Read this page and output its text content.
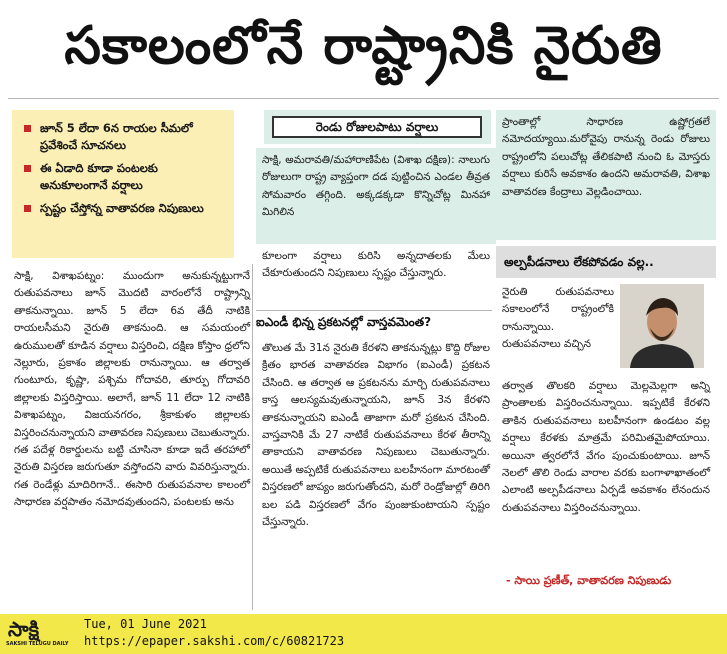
సకాలంలోనే రాష్ట్రానికి నైరుతి
జూన్ 5 లేదా 6న రాయల సీమలో ప్రవేశించే సూచనలు
ఈ ఏడాది కూడా పంటలకు అనుకూలంగానే వర్షాలు
స్పష్టం చేస్తోన్న వాతావరణ నిపుణులు
రెండు రోజులపాటు వర్షాలు
సాక్షి, అమరావతి/మహారాణిపేట (విశాఖ దక్షిణ): నాలుగు రోజులుగా రాష్ట్ర వ్యాప్తంగా దడ పుట్టించిన ఎండల తీవ్రత సోమవారం తగ్గింది. అక్కడక్కడా కొన్నిచోట్ల మినహా మిగిలిన
కూలంగా వర్షాలు కురిసి అన్నదాతలకు మేలు చేకూరుతుందని నిపుణులు స్పష్టం చేస్తున్నారు.
ప్రాంతాల్లో సాధారణ ఉష్ణోగ్రతలే నమోదయ్యాయి.మరోవైపు రానున్న రెండు రోజులు రాష్ట్రంలోని పలుచోట్ల తేలికపాటి నుంచి ఓ మోస్తరు వర్షాలు కురిసే అవకాశం ఉందని అమరావతి, విశాఖ వాతావరణ కేంద్రాలు వెల్లడించాయి.
సాక్షి, విశాఖపట్నం: ముందుగా అనుకున్నట్టుగానే రుతుపవనాలు జూన్ మొదటి వారంలోనే రాష్ట్రాన్ని తాకనున్నాయి. జూన్ 5 లేదా 6వ తేదీ నాటికి రాయలసీమని నైరుతి తాకనుంది. ఆ సమయంలో ఉరుములతో కూడిన వర్షాలు విస్తరించి, దక్షిణ కోస్తాం ధ్రలోని నెల్లూరు, ప్రకాశం జిల్లాలకు రానున్నాయి. ఆ తర్వాత గుంటూరు, కృష్ణా, పశ్చిమ గోదావరి, తూర్పు గోదావరి జిల్లాలకు విస్తరిస్తాయి. అలాగే, జూన్ 11 లేదా 12 నాటికి విశాఖపట్నం, విజయనగరం, శ్రీకాకుళం జిల్లాలకు విస్తరించనున్నాయని వాతావరణ నిపుణులు చెబుతున్నారు. గత పదేళ్ల రికార్డులను బట్టి చూసినా కూడా ఇదే తరహాలో నైరుతి విస్తరణ జరుగుతూ వస్తోందని వారు వివరిస్తున్నారు. గత రెండేళ్లు మాదిరిగానే.. ఈసారి రుతుపవనాల కాలంలో సాధారణ వర్షపాతం నమోదవుతుందని, పంటలకు అను
ఐఎండీ భిన్న ప్రకటనల్లో వాస్తవమెంత?
తొలుత మే 31న నైరుతి కేరళని తాకనున్నట్లు కొద్ది రోజుల క్రితం భారత వాతావరణ విభాగం (ఐఎండీ) ప్రకటన చేసింది. ఆ తర్వాత ఆ ప్రకటనను మార్చి రుతుపవనాలు కాస్త ఆలస్యమవుతున్నాయని, జూన్ 3న కేరళని తాకనున్నాయని ఐఎండీ తాజాగా మరో ప్రకటన చేసింది. వాస్తవానికి మే 27 నాటికే రుతుపవనాలు కేరళ తీరాన్ని తాకాయని వాతావరణ నిపుణులు చెబుతున్నారు. అయితే అప్పటికే రుతుపవనాలు బలహీనంగా మారటంతో విస్తరణలో జాప్యం జరుగుతోందని, మరో రెండ్రోజుల్లో తిరిగి బల పడి విస్తరణలో వేగం పుంజుకుంటాయని స్పష్టం చేస్తున్నారు.
అల్పపీడనాలు లేకపోవడం వల్ల..
నైరుతి రుతుపవనాలు సకాలంలోనే రాష్ట్రంలోకి రానున్నాయి. రుతుపవనాలు వచ్చిన
తర్వాత తొలకరి వర్షాలు మెల్లమెల్లగా అన్ని ప్రాంతాలకు విస్తరించనున్నాయి. ఇప్పటికే కేరళని తాకిన రుతుపవనాలు బలహీనంగా ఉండటం వల్ల వర్షాలు కేరళకు మాత్రమే పరిమితమైపోయాయి. అయినా త్వరలోనే వేగం పుంచుకుంటాయి. జూన్ నెలలో తొలి రెండు వారాల వరకు బంగాళాఖాతంలో ఎలాంటి అల్పపీడనాలు ఏర్పడే అవకాశం లేనందున రుతుపవనాలు విస్తరించనున్నాయి.
- సాయి ప్రణీత్, వాతావరణ నిపుణుడు
సాక్షి
SAKSHI TELUGU DAILY
Tue, 01 June 2021
https://epaper.sakshi.com/c/60821723
